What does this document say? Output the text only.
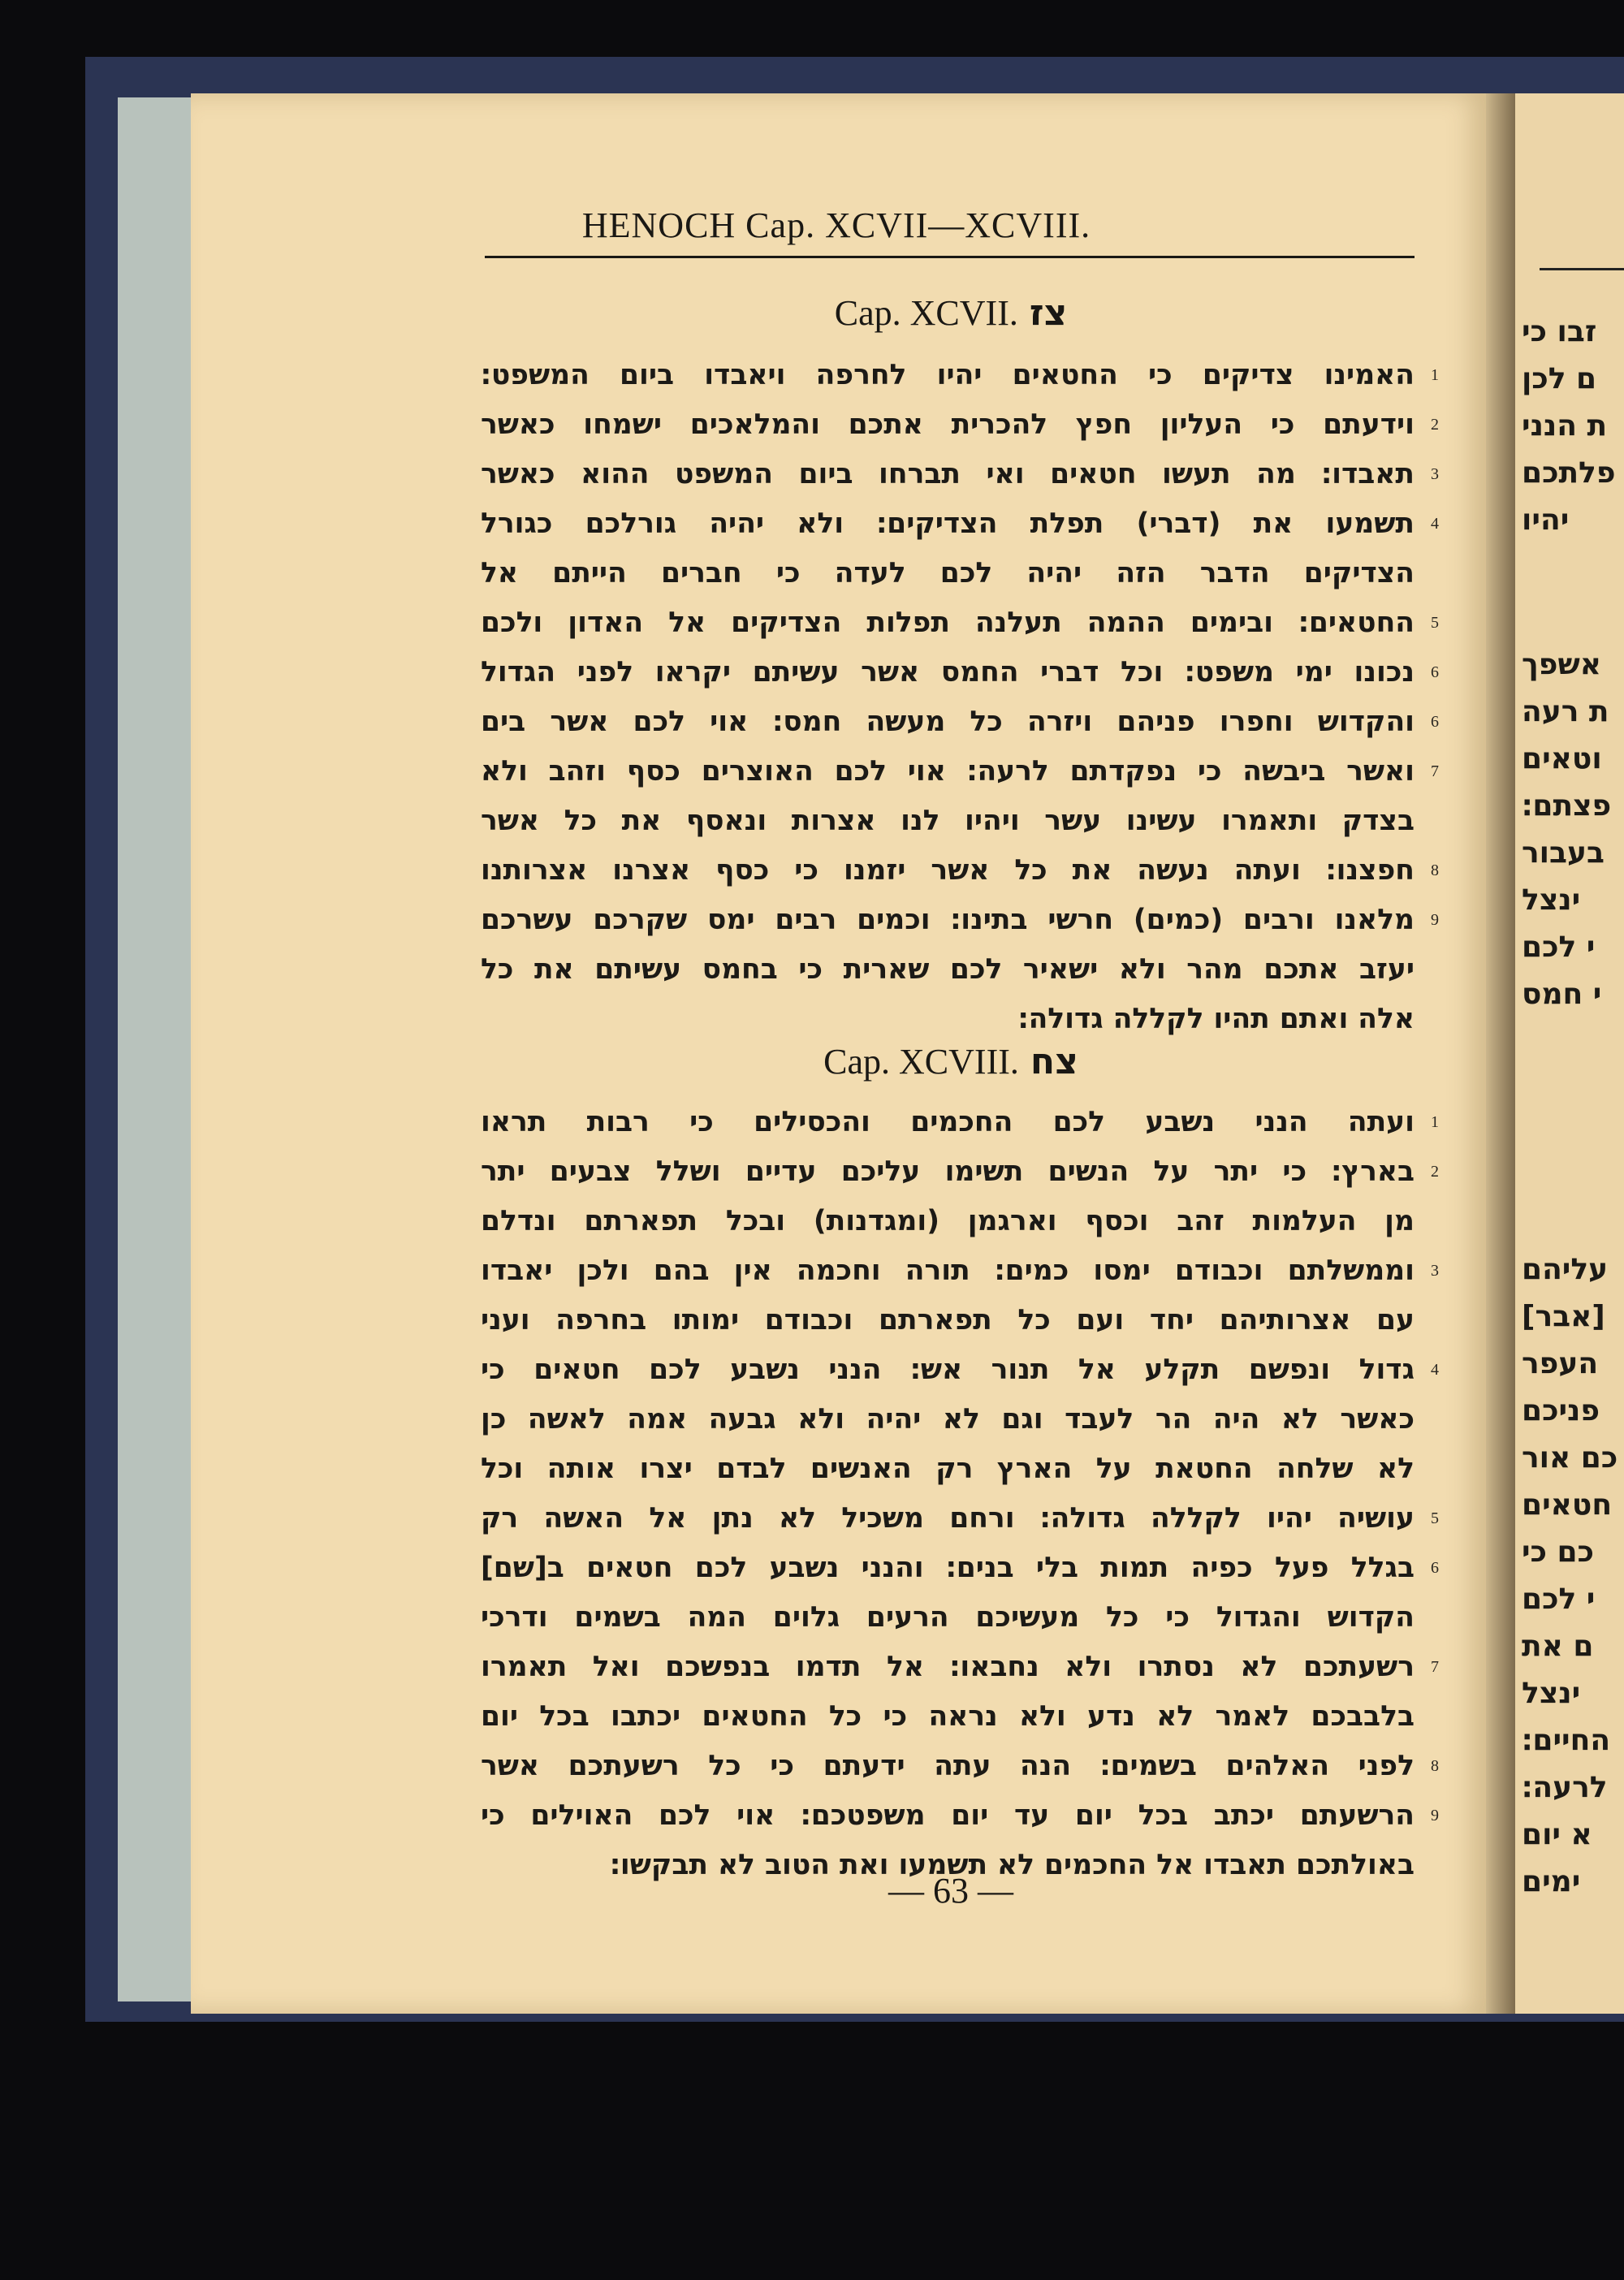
זבו כי
ם לכן
ת הנני
פלתכם
יהיו
אשפך
ת רעה
וטאים
פצתם׃
בעבור
ינצל
י לכם
י חמס
עליהם
[אבר]
העפר
פניכם
כם אור
חטאים
כם כי
י לכם
ם את
ינצל
החיים׃
לרעה׃
א יום
ימים
HENOCH Cap. XCVII—XCVIII.
Cap. XCVII. צז
האמינו צדיקים כי החטאים יהיו לחרפה ויאבדו ביום המשפט׃ 1
וידעתם כי העליון חפץ להכרית אתכם והמלאכים ישמחו כאשר 2
תאבדו׃ מה תעשו חטאים ואי תברחו ביום המשפט ההוא כאשר 3
תשמעו את (דברי) תפלת הצדיקים׃ ולא יהיה גורלכם כגורל 4
הצדיקים הדבר הזה יהיה לכם לעדה כי חברים הייתם אל
החטאים׃ ובימים ההמה תעלנה תפלות הצדיקים אל האדון ולכם 5
נכונו ימי משפט׃ וכל דברי החמס אשר עשיתם יקראו לפני הגדול 6
והקדוש וחפרו פניהם ויזרה כל מעשה חמס׃ אוי לכם אשר בים 6
ואשר ביבשה כי נפקדתם לרעה׃ אוי לכם האוצרים כסף וזהב ולא 7
בצדק ותאמרו עשינו עשר ויהיו לנו אצרות ונאסף את כל אשר
חפצנו׃ ועתה נעשה את כל אשר יזמנו כי כסף אצרנו אצרותנו 8
מלאנו ורבים (כמים) חרשי בתינו׃ וכמים רבים ימס שקרכם עשרכם 9
יעזב אתכם מהר ולא ישאיר לכם שארית כי בחמס עשיתם את כל
אלה ואתם תהיו לקללה גדולה׃
Cap. XCVIII. צח
ועתה הנני נשבע לכם החכמים והכסילים כי רבות תראו 1
בארץ׃ כי יתר על הנשים תשימו עליכם עדיים ושלל צבעים יתר 2
מן העלמות זהב וכסף וארגמן (ומגדנות) ובכל תפארתם ונדלם
וממשלתם וכבודם ימסו כמים׃ תורה וחכמה אין בהם ולכן יאבדו 3
עם אצרותיהם יחד ועם כל תפארתם וכבודם ימותו בחרפה ועני
גדול ונפשם תקלע אל תנור אש׃ הנני נשבע לכם חטאים כי 4
כאשר לא היה הר לעבד וגם לא יהיה ולא גבעה אמה לאשה כן
לא שלחה החטאת על הארץ רק האנשים לבדם יצרו אותה וכל
עושיה יהיו לקללה גדולה׃ ורחם משכיל לא נתן אל האשה רק 5
בגלל פעל כפיה תמות בלי בנים׃ והנני נשבע לכם חטאים ב[שם] 6
הקדוש והגדול כי כל מעשיכם הרעים גלוים המה בשמים ודרכי
רשעתכם לא נסתרו ולא נחבאו׃ אל תדמו בנפשכם ואל תאמרו 7
בלבבכם לאמר לא נדע ולא נראה כי כל החטאים יכתבו בכל יום
לפני האלהים בשמים׃ הנה עתה ידעתם כי כל רשעתכם אשר 8
הרשעתם יכתב בכל יום עד יום משפטכם׃ אוי לכם האוילים כי 9
באולתכם תאבדו אל החכמים לא תשמעו ואת הטוב לא תבקשו׃
— 63 —
